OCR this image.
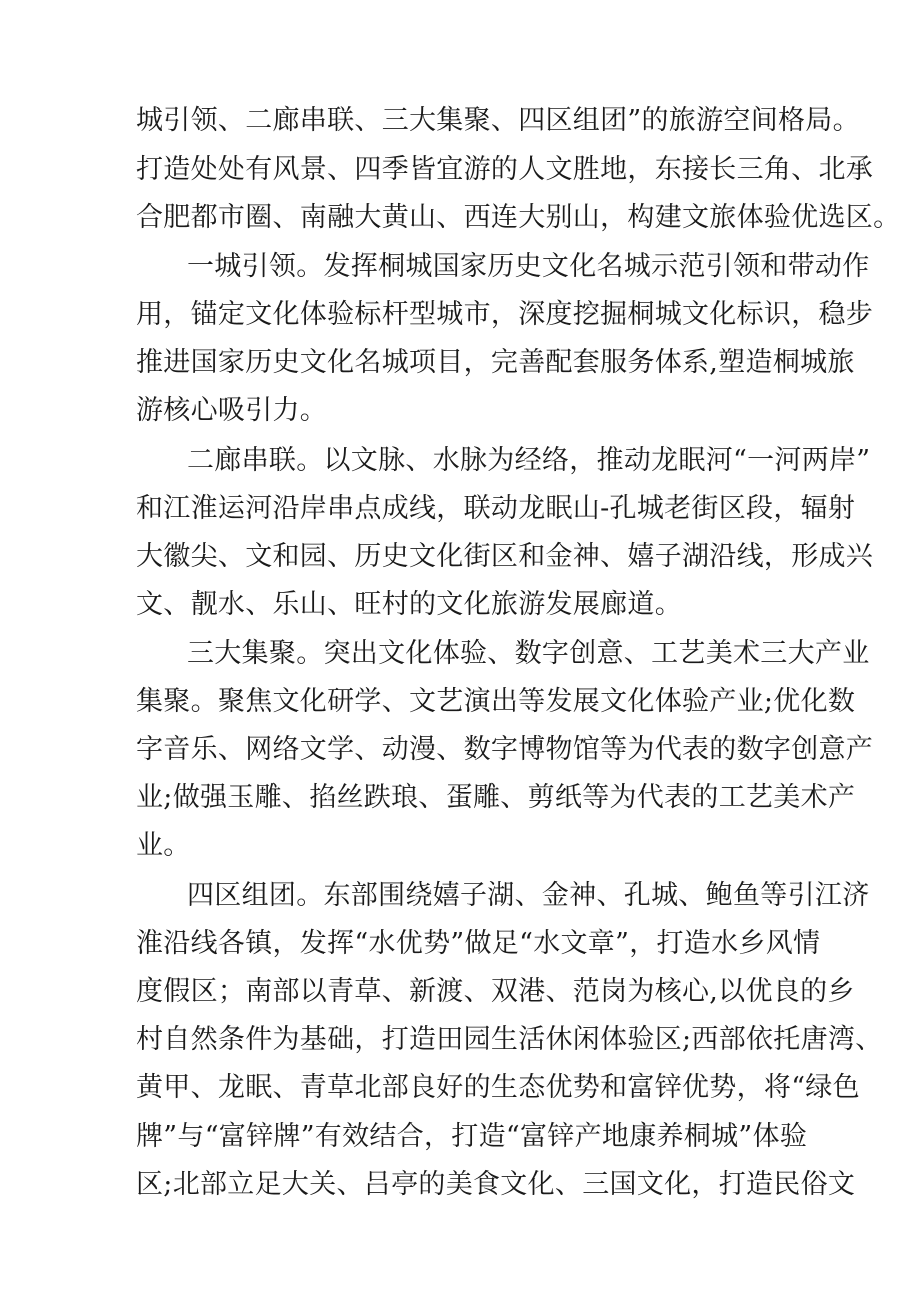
城引领、二廊串联、三大集聚、四区组团”的旅游空间格局。
打造处处有风景、四季皆宜游的人文胜地，东接长三角、北承
合肥都市圈、南融大黄山、西连大别山，构建文旅体验优选区。
一城引领。发挥桐城国家历史文化名城示范引领和带动作
用，锚定文化体验标杆型城市，深度挖掘桐城文化标识，稳步
推进国家历史文化名城项目，完善配套服务体系,塑造桐城旅
游核心吸引力。
二廊串联。以文脉、水脉为经络，推动龙眠河“一河两岸”
和江淮运河沿岸串点成线，联动龙眠山-孔城老街区段，辐射
大徽尖、文和园、历史文化街区和金神、嬉子湖沿线，形成兴
文、靓水、乐山、旺村的文化旅游发展廊道。
三大集聚。突出文化体验、数字创意、工艺美术三大产业
集聚。聚焦文化研学、文艺演出等发展文化体验产业;优化数
字音乐、网络文学、动漫、数字博物馆等为代表的数字创意产
业;做强玉雕、掐丝跌琅、蛋雕、剪纸等为代表的工艺美术产
业。
四区组团。东部围绕嬉子湖、金神、孔城、鲍鱼等引江济
淮沿线各镇，发挥“水优势”做足“水文章”，打造水乡风情
度假区；南部以青草、新渡、双港、范岗为核心,以优良的乡
村自然条件为基础，打造田园生活休闲体验区;西部依托唐湾、
黄甲、龙眠、青草北部良好的生态优势和富锌优势，将“绿色
牌”与“富锌牌”有效结合，打造“富锌产地康养桐城”体验
区;北部立足大关、吕亭的美食文化、三国文化，打造民俗文
